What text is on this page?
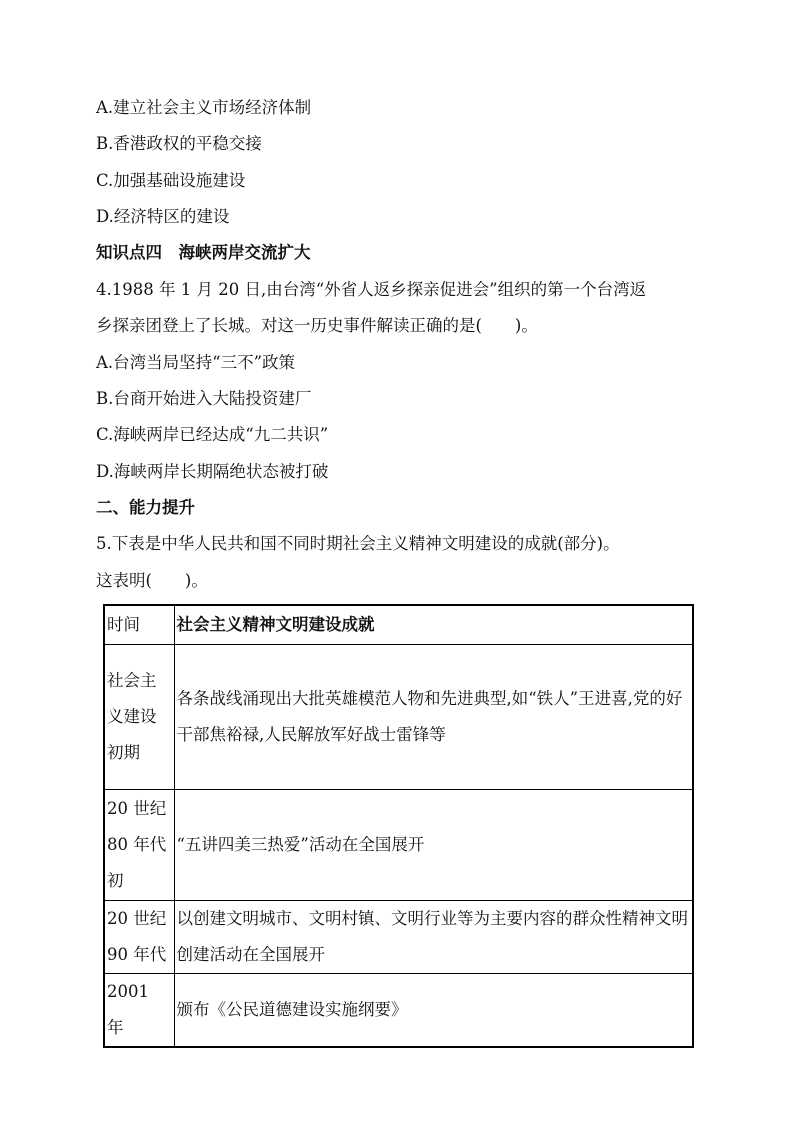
A.建立社会主义市场经济体制
B.香港政权的平稳交接
C.加强基础设施建设
D.经济特区的建设
知识点四　海峡两岸交流扩大
4.1988 年 1 月 20 日,由台湾“外省人返乡探亲促进会”组织的第一个台湾返
乡探亲团登上了长城。对这一历史事件解读正确的是(　　)。
A.台湾当局坚持“三不”政策
B.台商开始进入大陆投资建厂
C.海峡两岸已经达成“九二共识”
D.海峡两岸长期隔绝状态被打破
二、能力提升
5.下表是中华人民共和国不同时期社会主义精神文明建设的成就(部分)。
这表明(　　)。
时间	社会主义精神文明建设成就
社会主义建设初期	各条战线涌现出大批英雄模范人物和先进典型,如“铁人”王进喜,党的好干部焦裕禄,人民解放军好战士雷锋等
20 世纪 80 年代初	“五讲四美三热爱”活动在全国展开
20 世纪 90 年代	以创建文明城市、文明村镇、文明行业等为主要内容的群众性精神文明创建活动在全国展开
2001 年	颁布《公民道德建设实施纲要》
